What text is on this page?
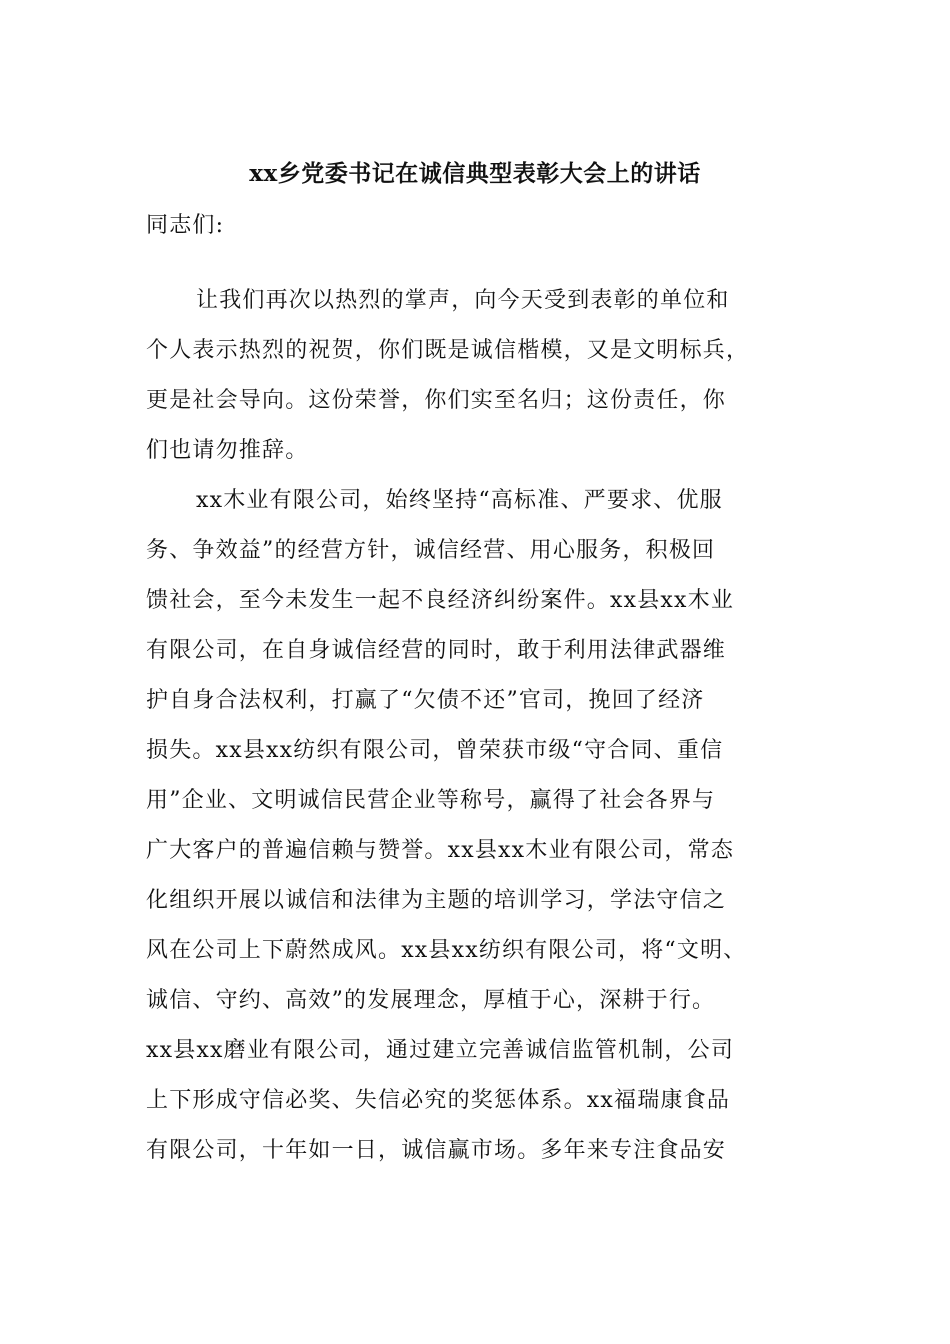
xx乡党委书记在诚信典型表彰大会上的讲话
同志们:
让我们再次以热烈的掌声，向今天受到表彰的单位和
个人表示热烈的祝贺，你们既是诚信楷模，又是文明标兵，
更是社会导向。这份荣誉，你们实至名归；这份责任，你
们也请勿推辞。
xx木业有限公司，始终坚持“高标准、严要求、优服
务、争效益”的经营方针，诚信经营、用心服务，积极回
馈社会，至今未发生一起不良经济纠纷案件。xx县xx木业
有限公司，在自身诚信经营的同时，敢于利用法律武器维
护自身合法权利，打赢了“欠债不还”官司，挽回了经济
损失。xx县xx纺织有限公司，曾荣获市级“守合同、重信
用”企业、文明诚信民营企业等称号，赢得了社会各界与
广大客户的普遍信赖与赞誉。xx县xx木业有限公司，常态
化组织开展以诚信和法律为主题的培训学习，学法守信之
风在公司上下蔚然成风。xx县xx纺织有限公司，将“文明、
诚信、守约、高效”的发展理念，厚植于心，深耕于行。
xx县xx磨业有限公司，通过建立完善诚信监管机制，公司
上下形成守信必奖、失信必究的奖惩体系。xx福瑞康食品
有限公司，十年如一日，诚信赢市场。多年来专注食品安
